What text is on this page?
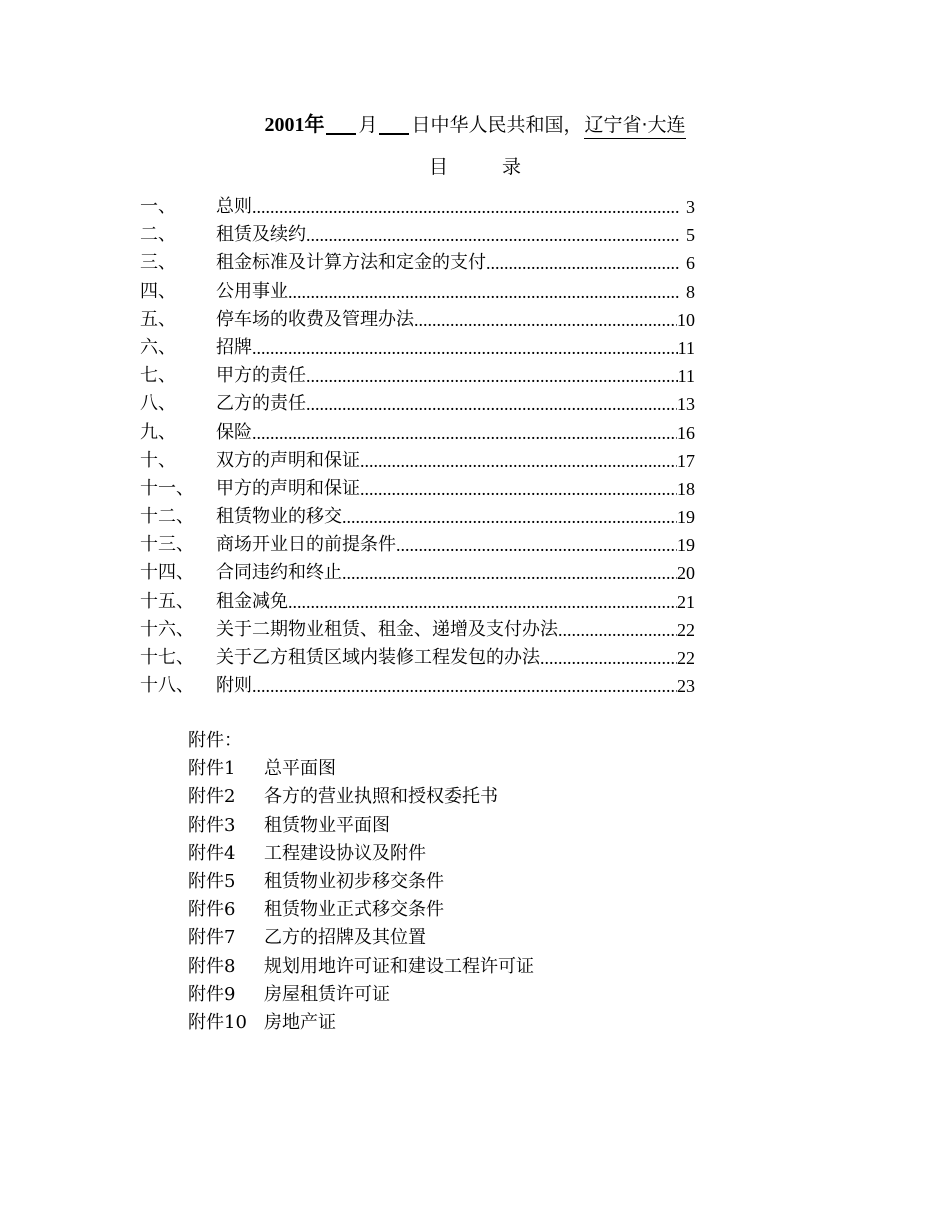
2001年 月 日中华人民共和国， 辽宁省·大连
目	录
一、	总则 .....	3
二、	租赁及续约 .....	5
三、	租金标准及计算方法和定金的支付 .....	6
四、	公用事业 .....	8
五、	停车场的收费及管理办法 .....	10
六、	招牌 .....	11
七、	甲方的责任 .....	11
八、	乙方的责任 .....	13
九、	保险 .....	16
十、	双方的声明和保证 .....	17
十一、	甲方的声明和保证 .....	18
十二、	租赁物业的移交 .....	19
十三、	商场开业日的前提条件 .....	19
十四、	合同违约和终止 .....	20
十五、	租金减免 .....	21
十六、	关于二期物业租赁、租金、递增及支付办法 .....	22
十七、	关于乙方租赁区域内装修工程发包的办法 .....	22
十八、	附则 .....	23
附件：
附件1	总平面图
附件2	各方的营业执照和授权委托书
附件3	租赁物业平面图
附件4	工程建设协议及附件
附件5	租赁物业初步移交条件
附件6	租赁物业正式移交条件
附件7	乙方的招牌及其位置
附件8	规划用地许可证和建设工程许可证
附件9	房屋租赁许可证
附件10 房地产证
